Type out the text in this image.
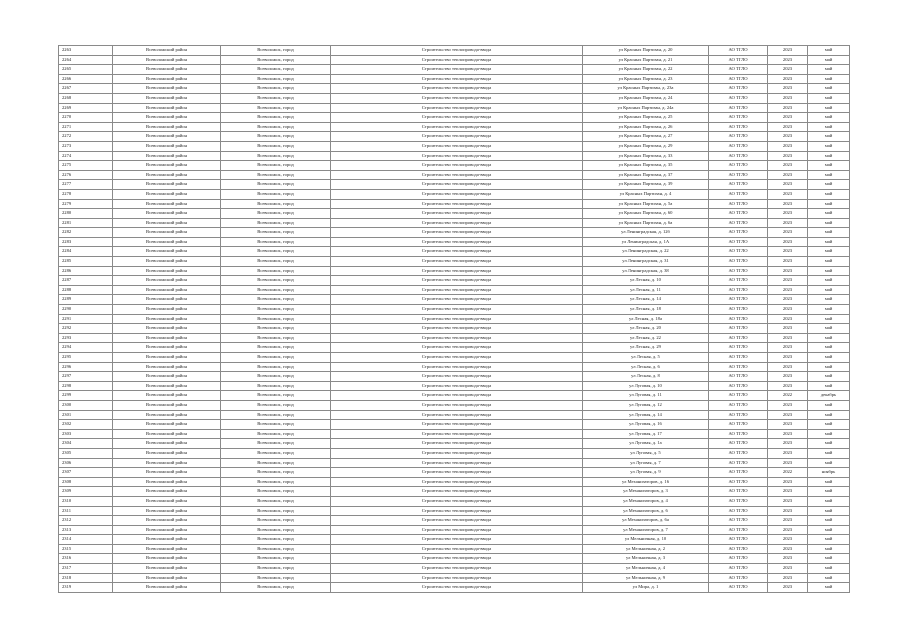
2263	Всеволожский район	Всеволожск, город	Строительство теплопровода-ввода	ул Красных Партизан, д. 20	АО ТГЛО	2023	май
2264	Всеволожский район	Всеволожск, город	Строительство теплопровода-ввода	ул Красных Партизан, д. 21	АО ТГЛО	2023	май
2265	Всеволожский район	Всеволожск, город	Строительство теплопровода-ввода	ул Красных Партизан, д. 22	АО ТГЛО	2023	май
2266	Всеволожский район	Всеволожск, город	Строительство теплопровода-ввода	ул Красных Партизан, д. 23	АО ТГЛО	2023	май
2267	Всеволожский район	Всеволожск, город	Строительство теплопровода-ввода	ул Красных Партизан, д. 23а	АО ТГЛО	2023	май
2268	Всеволожский район	Всеволожск, город	Строительство теплопровода-ввода	ул Красных Партизан, д. 24	АО ТГЛО	2023	май
2269	Всеволожский район	Всеволожск, город	Строительство теплопровода-ввода	ул Красных Партизан, д. 24а	АО ТГЛО	2023	май
2270	Всеволожский район	Всеволожск, город	Строительство теплопровода-ввода	ул Красных Партизан, д. 25	АО ТГЛО	2023	май
2271	Всеволожский район	Всеволожск, город	Строительство теплопровода-ввода	ул Красных Партизан, д. 26	АО ТГЛО	2023	май
2272	Всеволожский район	Всеволожск, город	Строительство теплопровода-ввода	ул Красных Партизан, д. 27	АО ТГЛО	2023	май
2273	Всеволожский район	Всеволожск, город	Строительство теплопровода-ввода	ул Красных Партизан, д. 29	АО ТГЛО	2023	май
2274	Всеволожский район	Всеволожск, город	Строительство теплопровода-ввода	ул Красных Партизан, д. 33	АО ТГЛО	2023	май
2275	Всеволожский район	Всеволожск, город	Строительство теплопровода-ввода	ул Красных Партизан, д. 35	АО ТГЛО	2023	май
2276	Всеволожский район	Всеволожск, город	Строительство теплопровода-ввода	ул Красных Партизан, д. 37	АО ТГЛО	2023	май
2277	Всеволожский район	Всеволожск, город	Строительство теплопровода-ввода	ул Красных Партизан, д. 39	АО ТГЛО	2023	май
2278	Всеволожский район	Всеволожск, город	Строительство теплопровода-ввода	ул Красных Партизан, д. 4	АО ТГЛО	2023	май
2279	Всеволожский район	Всеволожск, город	Строительство теплопровода-ввода	ул Красных Партизан, д. 5а	АО ТГЛО	2023	май
2280	Всеволожский район	Всеволожск, город	Строительство теплопровода-ввода	ул Красных Партизан, д. 60	АО ТГЛО	2023	май
2281	Всеволожский район	Всеволожск, город	Строительство теплопровода-ввода	ул Красных Партизан, д. 6а	АО ТГЛО	2023	май
2282	Всеволожский район	Всеволожск, город	Строительство теплопровода-ввода	ул Ленинградская, д. 12б	АО ТГЛО	2023	май
2283	Всеволожский район	Всеволожск, город	Строительство теплопровода-ввода	ул Ленинградская, д. 1А	АО ТГЛО	2023	май
2284	Всеволожский район	Всеволожск, город	Строительство теплопровода-ввода	ул Ленинградская, д. 22	АО ТГЛО	2023	май
2285	Всеволожский район	Всеволожск, город	Строительство теплопровода-ввода	ул Ленинградская, д. 31	АО ТГЛО	2023	май
2286	Всеволожский район	Всеволожск, город	Строительство теплопровода-ввода	ул Ленинградская, д. 38	АО ТГЛО	2023	май
2287	Всеволожский район	Всеволожск, город	Строительство теплопровода-ввода	ул Лесная, д. 10	АО ТГЛО	2023	май
2288	Всеволожский район	Всеволожск, город	Строительство теплопровода-ввода	ул Лесная, д. 11	АО ТГЛО	2023	май
2289	Всеволожский район	Всеволожск, город	Строительство теплопровода-ввода	ул Лесная, д. 14	АО ТГЛО	2023	май
2290	Всеволожский район	Всеволожск, город	Строительство теплопровода-ввода	ул Лесная, д. 18	АО ТГЛО	2023	май
2291	Всеволожский район	Всеволожск, город	Строительство теплопровода-ввода	ул Лесная, д. 18а	АО ТГЛО	2023	май
2292	Всеволожский район	Всеволожск, город	Строительство теплопровода-ввода	ул Лесная, д. 20	АО ТГЛО	2023	май
2293	Всеволожский район	Всеволожск, город	Строительство теплопровода-ввода	ул Лесная, д. 22	АО ТГЛО	2023	май
2294	Всеволожский район	Всеволожск, город	Строительство теплопровода-ввода	ул Лесная, д. 29	АО ТГЛО	2023	май
2295	Всеволожский район	Всеволожск, город	Строительство теплопровода-ввода	ул Лесная, д. 5	АО ТГЛО	2023	май
2296	Всеволожский район	Всеволожск, город	Строительство теплопровода-ввода	ул Лесная, д. 6	АО ТГЛО	2023	май
2297	Всеволожский район	Всеволожск, город	Строительство теплопровода-ввода	ул Лесная, д. 8	АО ТГЛО	2023	май
2298	Всеволожский район	Всеволожск, город	Строительство теплопровода-ввода	ул Луговая, д. 10	АО ТГЛО	2023	май
2299	Всеволожский район	Всеволожск, город	Строительство теплопровода-ввода	ул Луговая, д. 11	АО ТГЛО	2022	декабрь
2300	Всеволожский район	Всеволожск, город	Строительство теплопровода-ввода	ул Луговая, д. 12	АО ТГЛО	2023	май
2301	Всеволожский район	Всеволожск, город	Строительство теплопровода-ввода	ул Луговая, д. 14	АО ТГЛО	2023	май
2302	Всеволожский район	Всеволожск, город	Строительство теплопровода-ввода	ул Луговая, д. 16	АО ТГЛО	2023	май
2303	Всеволожский район	Всеволожск, город	Строительство теплопровода-ввода	ул Луговая, д. 17	АО ТГЛО	2023	май
2304	Всеволожский район	Всеволожск, город	Строительство теплопровода-ввода	ул Луговая, д. 1а	АО ТГЛО	2023	май
2305	Всеволожский район	Всеволожск, город	Строительство теплопровода-ввода	ул Луговая, д. 5	АО ТГЛО	2023	май
2306	Всеволожский район	Всеволожск, город	Строительство теплопровода-ввода	ул Луговая, д. 7	АО ТГЛО	2023	май
2307	Всеволожский район	Всеволожск, город	Строительство теплопровода-ввода	ул Луговая, д. 9	АО ТГЛО	2022	ноябрь
2308	Всеволожский район	Всеволожск, город	Строительство теплопровода-ввода	ул Механизаторов, д. 16	АО ТГЛО	2023	май
2309	Всеволожский район	Всеволожск, город	Строительство теплопровода-ввода	ул Механизаторов, д. 3	АО ТГЛО	2023	май
2310	Всеволожский район	Всеволожск, город	Строительство теплопровода-ввода	ул Механизаторов, д. 4	АО ТГЛО	2023	май
2311	Всеволожский район	Всеволожск, город	Строительство теплопровода-ввода	ул Механизаторов, д. 6	АО ТГЛО	2023	май
2312	Всеволожский район	Всеволожск, город	Строительство теплопровода-ввода	ул Механизаторов, д. 6а	АО ТГЛО	2023	май
2313	Всеволожский район	Всеволожск, город	Строительство теплопровода-ввода	ул Механизаторов, д. 7	АО ТГЛО	2023	май
2314	Всеволожский район	Всеволожск, город	Строительство теплопровода-ввода	ул Мельничная, д. 10	АО ТГЛО	2023	май
2315	Всеволожский район	Всеволожск, город	Строительство теплопровода-ввода	ул Мельничная, д. 2	АО ТГЛО	2023	май
2316	Всеволожский район	Всеволожск, город	Строительство теплопровода-ввода	ул Мельничная, д. 3	АО ТГЛО	2023	май
2317	Всеволожский район	Всеволожск, город	Строительство теплопровода-ввода	ул Мельничная, д. 4	АО ТГЛО	2023	май
2318	Всеволожский район	Всеволожск, город	Строительство теплопровода-ввода	ул Мельничная, д. 9	АО ТГЛО	2023	май
2319	Всеволожский район	Всеволожск, город	Строительство теплопровода-ввода	ул Мира, д. 1	АО ТГЛО	2023	май
